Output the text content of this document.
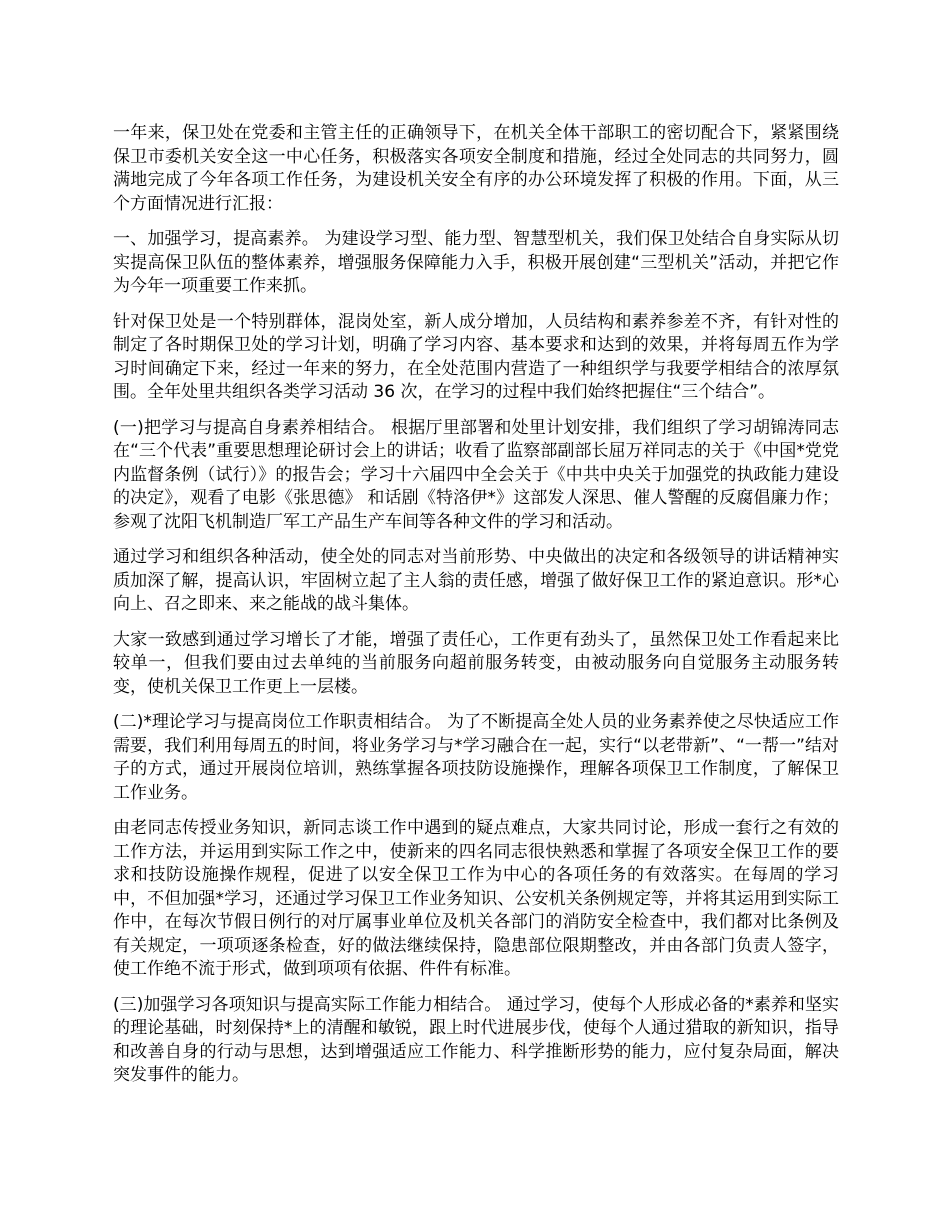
一年来，保卫处在党委和主管主任的正确领导下，在机关全体干部职工的密切配合下，紧紧围绕保卫市委机关安全这一中心任务，积极落实各项安全制度和措施，经过全处同志的共同努力，圆满地完成了今年各项工作任务，为建设机关安全有序的办公环境发挥了积极的作用。下面，从三个方面情况进行汇报：

一、加强学习，提高素养。 为建设学习型、能力型、智慧型机关，我们保卫处结合自身实际从切实提高保卫队伍的整体素养，增强服务保障能力入手，积极开展创建“三型机关”活动，并把它作为今年一项重要工作来抓。

针对保卫处是一个特别群体，混岗处室，新人成分增加，人员结构和素养参差不齐，有针对性的制定了各时期保卫处的学习计划，明确了学习内容、基本要求和达到的效果，并将每周五作为学习时间确定下来，经过一年来的努力，在全处范围内营造了一种组织学与我要学相结合的浓厚氛围。全年处里共组织各类学习活动 36 次，在学习的过程中我们始终把握住“三个结合”。

(一)把学习与提高自身素养相结合。 根据厅里部署和处里计划安排，我们组织了学习胡锦涛同志在“三个代表”重要思想理论研讨会上的讲话；收看了监察部副部长屈万祥同志的关于《中国*党党内监督条例（试行）》的报告会；学习十六届四中全会关于《中共中央关于加强党的执政能力建设的决定》，观看了电影《张思德》 和话剧《特洛伊*》这部发人深思、催人警醒的反腐倡廉力作；参观了沈阳飞机制造厂军工产品生产车间等各种文件的学习和活动。

通过学习和组织各种活动，使全处的同志对当前形势、中央做出的决定和各级领导的讲话精神实质加深了解，提高认识，牢固树立起了主人翁的责任感，增强了做好保卫工作的紧迫意识。形*心向上、召之即来、来之能战的战斗集体。

大家一致感到通过学习增长了才能，增强了责任心，工作更有劲头了，虽然保卫处工作看起来比较单一，但我们要由过去单纯的当前服务向超前服务转变，由被动服务向自觉服务主动服务转变，使机关保卫工作更上一层楼。

(二)*理论学习与提高岗位工作职责相结合。 为了不断提高全处人员的业务素养使之尽快适应工作需要，我们利用每周五的时间，将业务学习与*学习融合在一起，实行“以老带新”、“一帮一”结对子的方式，通过开展岗位培训，熟练掌握各项技防设施操作，理解各项保卫工作制度，了解保卫工作业务。

由老同志传授业务知识，新同志谈工作中遇到的疑点难点，大家共同讨论，形成一套行之有效的工作方法，并运用到实际工作之中，使新来的四名同志很快熟悉和掌握了各项安全保卫工作的要求和技防设施操作规程，促进了以安全保卫工作为中心的各项任务的有效落实。在每周的学习中，不但加强*学习，还通过学习保卫工作业务知识、公安机关条例规定等，并将其运用到实际工作中，在每次节假日例行的对厅属事业单位及机关各部门的消防安全检查中，我们都对比条例及有关规定，一项项逐条检查，好的做法继续保持，隐患部位限期整改，并由各部门负责人签字，使工作绝不流于形式，做到项项有依据、件件有标准。

(三)加强学习各项知识与提高实际工作能力相结合。 通过学习，使每个人形成必备的*素养和坚实的理论基础，时刻保持*上的清醒和敏锐，跟上时代进展步伐，使每个人通过猎取的新知识，指导和改善自身的行动与思想，达到增强适应工作能力、科学推断形势的能力，应付复杂局面，解决突发事件的能力。
